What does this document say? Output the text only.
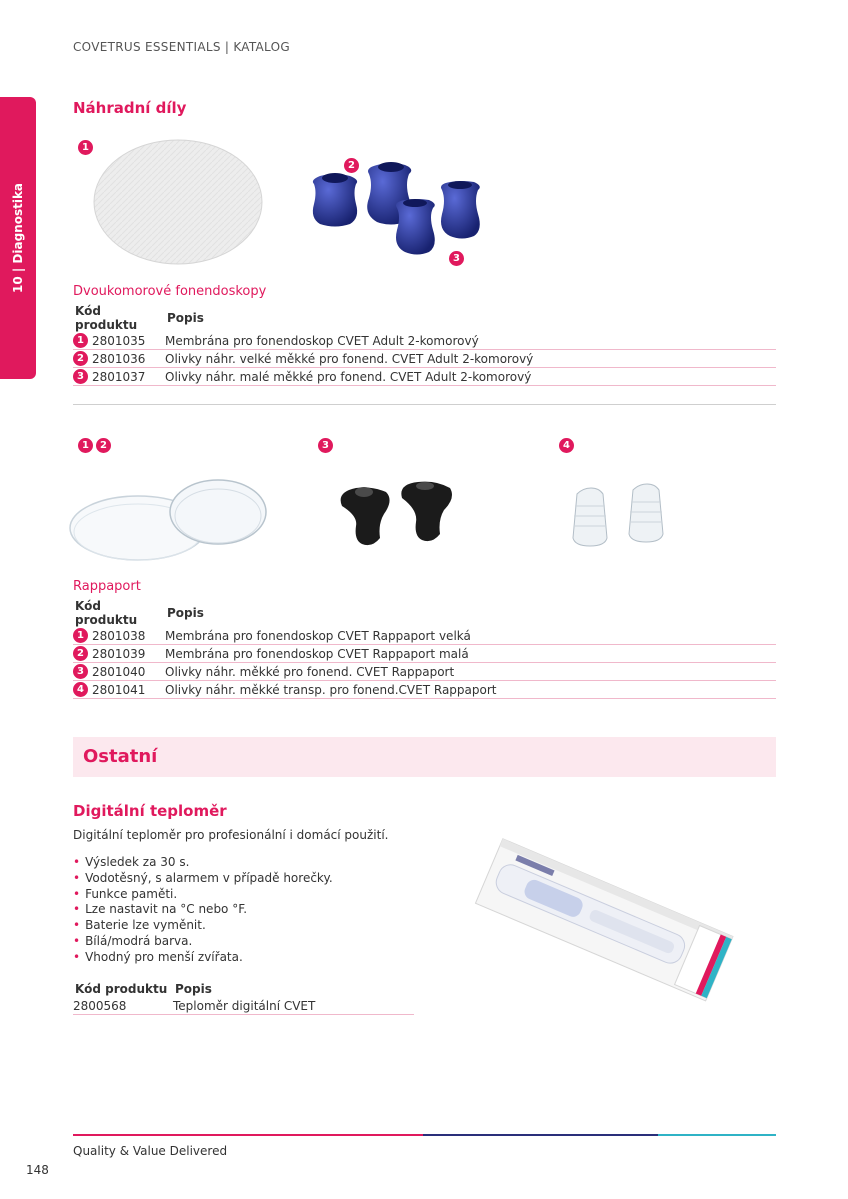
COVETRUS ESSENTIALS | KATALOG
10 | Diagnostika
Náhradní díly
1
2
3
Dvoukomorové fonendoskopy
Kód produktu	Popis

1 2801035	Membrána pro fonendoskop CVET Adult 2-komorový

2 2801036	Olivky náhr. velké měkké pro fonend. CVET Adult 2-komorový

3 2801037	Olivky náhr. malé měkké pro fonend. CVET Adult 2-komorový
1	2	3	4
Rappaport
Kód produktu	Popis

1 2801038	Membrána pro fonendoskop CVET Rappaport velká

2 2801039	Membrána pro fonendoskop CVET Rappaport malá

3 2801040	Olivky náhr. měkké pro fonend. CVET Rappaport

4 2801041	Olivky náhr. měkké transp. pro fonend.CVET Rappaport
Ostatní
Digitální teploměr
Digitální teploměr pro profesionální i domácí použití.
• Výsledek za 30 s.
• Vodotěsný, s alarmem v případě horečky.
• Funkce paměti.
• Lze nastavit na °C nebo °F.
• Baterie lze vyměnit.
• Bílá/modrá barva.
• Vhodný pro menší zvířata.
Kód produktu	Popis
2800568	Teploměr digitální CVET
Quality & Value Delivered
148
